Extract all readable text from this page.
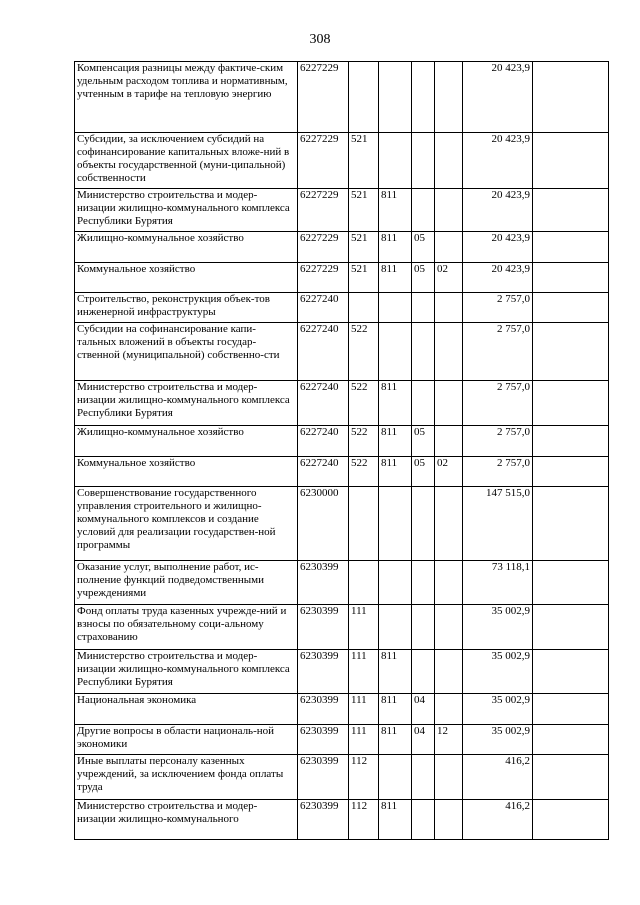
308
Компенсация разницы между фактиче-ским удельным расходом топлива и нормативным, учтенным в тарифе на тепловую энергию	6227229					20 423,9	
Субсидии, за исключением субсидий на софинансирование капитальных вложе-ний в объекты государственной (муни-ципальной) собственности	6227229	521				20 423,9	
Министерство строительства и модер-низации жилищно-коммунального комплекса Республики Бурятия	6227229	521	811			20 423,9	
Жилищно-коммунальное хозяйство	6227229	521	811	05		20 423,9	
Коммунальное хозяйство	6227229	521	811	05	02	20 423,9	
Строительство, реконструкция объек-тов инженерной инфраструктуры	6227240					2 757,0	
Субсидии на софинансирование капи-тальных вложений в объекты государ-ственной (муниципальной) собственно-сти	6227240	522				2 757,0	
Министерство строительства и модер-низации жилищно-коммунального комплекса Республики Бурятия	6227240	522	811			2 757,0	
Жилищно-коммунальное хозяйство	6227240	522	811	05		2 757,0	
Коммунальное хозяйство	6227240	522	811	05	02	2 757,0	
Совершенствование государственного управления строительного и жилищно-коммунального комплексов и создание условий для реализации государствен-ной программы	6230000					147 515,0	
Оказание услуг, выполнение работ, ис-полнение функций подведомственными учреждениями	6230399					73 118,1	
Фонд оплаты труда казенных учрежде-ний и взносы по обязательному соци-альному страхованию	6230399	111				35 002,9	
Министерство строительства и модер-низации жилищно-коммунального комплекса Республики Бурятия	6230399	111	811			35 002,9	
Национальная экономика	6230399	111	811	04		35 002,9	
Другие вопросы в области националь-ной экономики	6230399	111	811	04	12	35 002,9	
Иные выплаты персоналу казенных учреждений, за исключением фонда оплаты труда	6230399	112				416,2	
Министерство строительства и модер-низации жилищно-коммунального	6230399	112	811			416,2	
